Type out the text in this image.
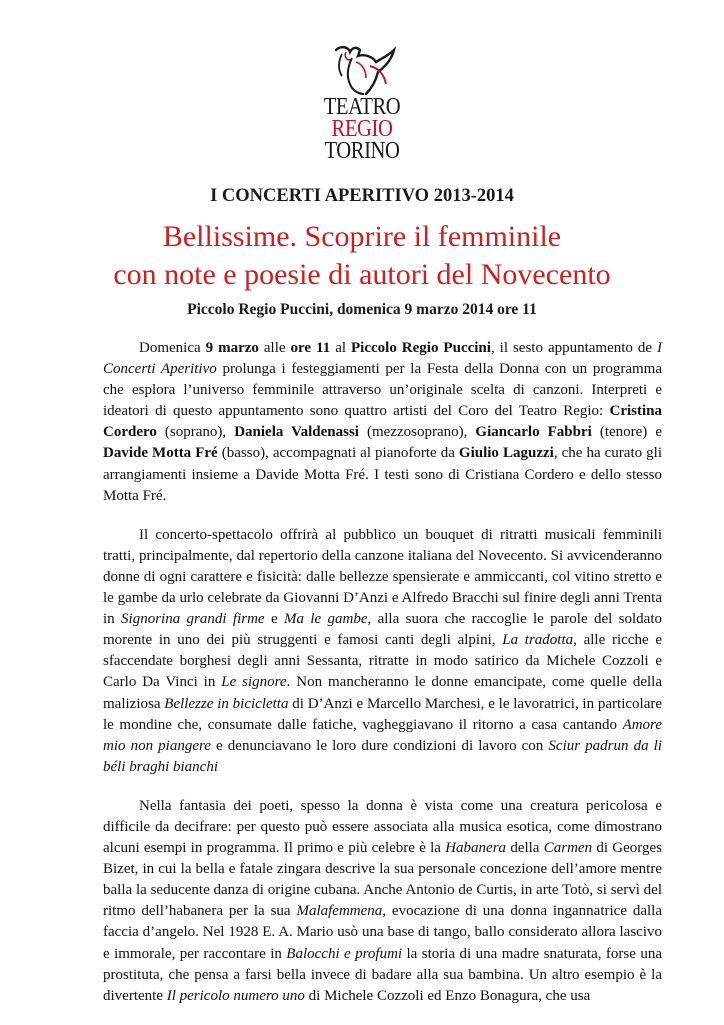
TEATRO
REGIO
TORINO
I CONCERTI APERITIVO 2013-2014
Bellissime. Scoprire il femminile
con note e poesie di autori del Novecento
Piccolo Regio Puccini, domenica 9 marzo 2014 ore 11

Domenica 9 marzo alle ore 11 al Piccolo Regio Puccini, il sesto appuntamento de I Concerti Aperitivo prolunga i festeggiamenti per la Festa della Donna con un programma che esplora l’universo femminile attraverso un’originale scelta di canzoni. Interpreti e ideatori di questo appuntamento sono quattro artisti del Coro del Teatro Regio: Cristina Cordero (soprano), Daniela Valdenassi (mezzosoprano), Giancarlo Fabbri (tenore) e Davide Motta Fré (basso), accompagnati al pianoforte da Giulio Laguzzi, che ha curato gli arrangiamenti insieme a Davide Motta Fré. I testi sono di Cristiana Cordero e dello stesso Motta Fré.

Il concerto-spettacolo offrirà al pubblico un bouquet di ritratti musicali femminili tratti, principalmente, dal repertorio della canzone italiana del Novecento. Si avvicenderanno donne di ogni carattere e fisicità: dalle bellezze spensierate e ammiccanti, col vitino stretto e le gambe da urlo celebrate da Giovanni D’Anzi e Alfredo Bracchi sul finire degli anni Trenta in Signorina grandi firme e Ma le gambe, alla suora che raccoglie le parole del soldato morente in uno dei più struggenti e famosi canti degli alpini, La tradotta, alle ricche e sfaccendate borghesi degli anni Sessanta, ritratte in modo satirico da Michele Cozzoli e Carlo Da Vinci in Le signore. Non mancheranno le donne emancipate, come quelle della maliziosa Bellezze in bicicletta di D’Anzi e Marcello Marchesi, e le lavoratrici, in particolare le mondine che, consumate dalle fatiche, vagheggiavano il ritorno a casa cantando Amore mio non piangere e denunciavano le loro dure condizioni di lavoro con Sciur padrun da li béli braghi bianchi

Nella fantasia dei poeti, spesso la donna è vista come una creatura pericolosa e difficile da decifrare: per questo può essere associata alla musica esotica, come dimostrano alcuni esempi in programma. Il primo e più celebre è la Habanera della Carmen di Georges Bizet, in cui la bella e fatale zingara descrive la sua personale concezione dell’amore mentre balla la seducente danza di origine cubana. Anche Antonio de Curtis, in arte Totò, si servì del ritmo dell’habanera per la sua Malafemmena, evocazione di una donna ingannatrice dalla faccia d’angelo. Nel 1928 E. A. Mario usò una base di tango, ballo considerato allora lascivo e immorale, per raccontare in Balocchi e profumi la storia di una madre snaturata, forse una prostituta, che pensa a farsi bella invece di badare alla sua bambina. Un altro esempio è la divertente Il pericolo numero uno di Michele Cozzoli ed Enzo Bonagura, che usa
